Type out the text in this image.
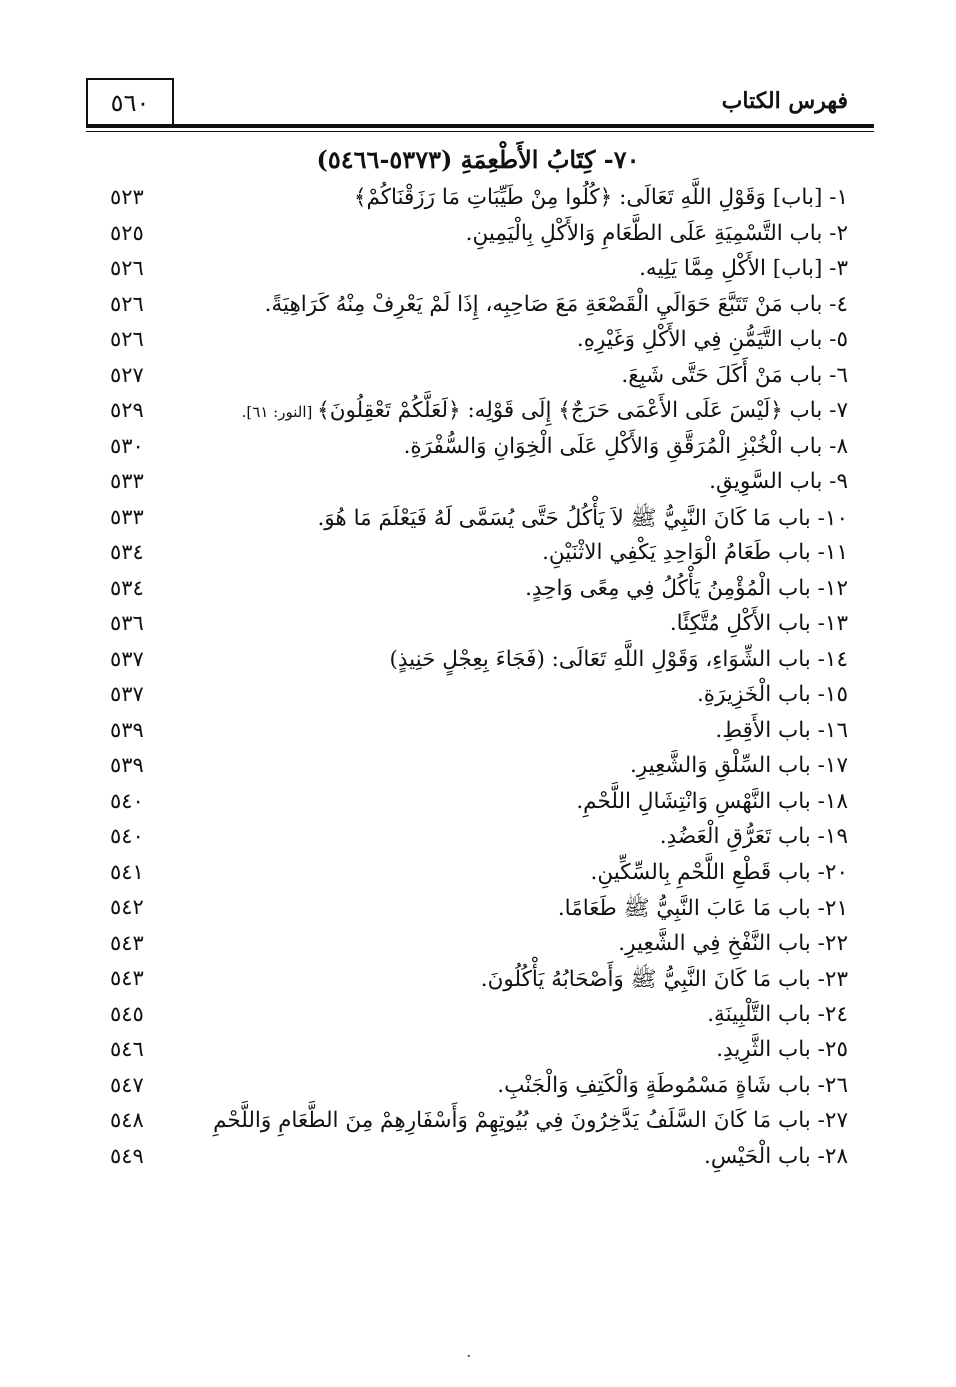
٥٦٠	فهرس الكتاب
٧٠- كِتَابُ الأَطْعِمَةِ (٥٣٧٣-٥٤٦٦)
١- [باب] وَقَوْلِ اللَّهِ تَعَالَى: ﴿كُلُوا مِنْ طَيِّبَاتِ مَا رَزَقْنَاكُمْ﴾
٥٢٣
٢- باب التَّسْمِيَةِ عَلَى الطَّعَامِ وَالأَكْلِ بِالْيَمِينِ.
٥٢٥
٣- [باب] الأَكْلِ مِمَّا يَلِيه.
٥٢٦
٤- باب مَنْ تَتَبَّعَ حَوَالَيِ الْقَصْعَةِ مَعَ صَاحِبِه، إِذَا لَمْ يَعْرِفْ مِنْهُ كَرَاهِيَةً.
٥٢٦
٥- باب التَّيَمُّنِ فِي الأَكْلِ وَغَيْرِهِ.
٥٢٦
٦- باب مَنْ أَكَلَ حَتَّى شَبِعَ.
٥٢٧
٧- باب ﴿لَيْسَ عَلَى الأَعْمَى حَرَجٌ﴾ إِلَى قَوْلِه: ﴿لَعَلَّكُمْ تَعْقِلُونَ﴾ [النور: ٦١].
٥٢٩
٨- باب الْخُبْزِ الْمُرَقَّقِ وَالأَكْلِ عَلَى الْخِوَانِ وَالسُّفْرَةِ.
٥٣٠
٩- باب السَّوِيقِ.
٥٣٣
١٠- باب مَا كَانَ النَّبِيُّ ﷺ لاَ يَأْكُلُ حَتَّى يُسَمَّى لَهُ فَيَعْلَمَ مَا هُوَ.
٥٣٣
١١- باب طَعَامُ الْوَاحِدِ يَكْفِي الاثْنَيْنِ.
٥٣٤
١٢- باب الْمُؤْمِنُ يَأْكُلُ فِي مِعًى وَاحِدٍ.
٥٣٤
١٣- باب الأَكْلِ مُتَّكِئًا.
٥٣٦
١٤- باب الشِّوَاءِ، وَقَوْلِ اللَّهِ تَعَالَى: (فَجَاءَ بِعِجْلٍ حَنِيذٍ)
٥٣٧
١٥- باب الْخَزِيرَةِ.
٥٣٧
١٦- باب الأَقِطِ.
٥٣٩
١٧- باب السِّلْقِ وَالشَّعِيرِ.
٥٣٩
١٨- باب النَّهْسِ وَانْتِشَالِ اللَّحْمِ.
٥٤٠
١٩- باب تَعَرُّقِ الْعَضُدِ.
٥٤٠
٢٠- باب قَطْعِ اللَّحْمِ بِالسِّكِّينِ.
٥٤١
٢١- باب مَا عَابَ النَّبِيُّ ﷺ طَعَامًا.
٥٤٢
٢٢- باب النَّفْخِ فِي الشَّعِيرِ.
٥٤٣
٢٣- باب مَا كَانَ النَّبِيُّ ﷺ وَأَصْحَابُهُ يَأْكُلُونَ.
٥٤٣
٢٤- باب التَّلْبِينَةِ.
٥٤٥
٢٥- باب الثَّرِيدِ.
٥٤٦
٢٦- باب شَاةٍ مَسْمُوطَةٍ وَالْكَتِفِ وَالْجَنْبِ.
٥٤٧
٢٧- باب مَا كَانَ السَّلَفُ يَدَّخِرُونَ فِي بُيُوتِهِمْ وَأَسْفَارِهِمْ مِنَ الطَّعَامِ وَاللَّحْمِ
٥٤٨
٢٨- باب الْحَيْسِ.
٥٤٩
·
